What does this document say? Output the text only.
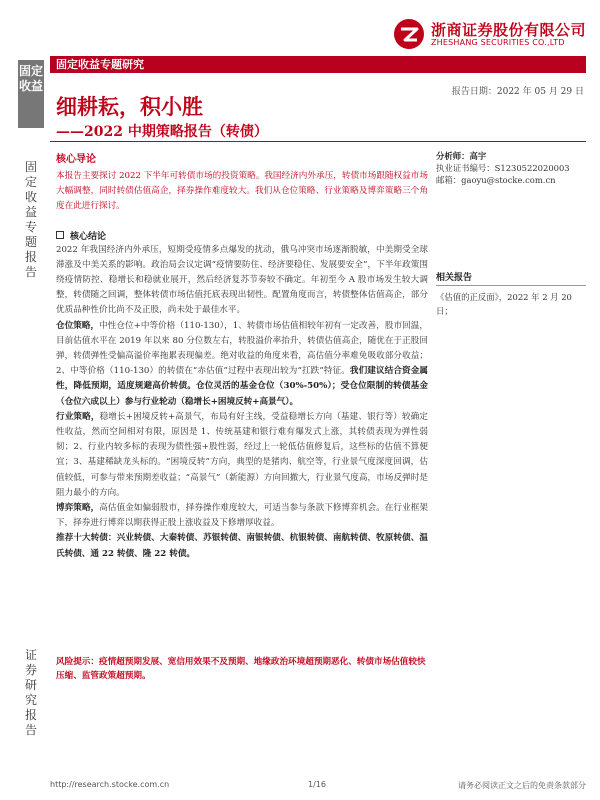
浙商证券股份有限公司
ZHESHANG SECURITIES CO.,LTD
固定收益
固定收益专题研究
报告日期：2022 年 05 月 29 日
细耕耘，积小胜
——2022 中期策略报告（转债）
固定收益专题报告
证券研究报告
核心导论

本报告主要探讨 2022 下半年可转债市场的投资策略。我国经济内外承压，转债市场跟随权益市场大幅调整，同时转债估值高企，择券操作难度较大。我们从仓位策略、行业策略及博弈策略三个角度在此进行探讨。

核心结论

2022 年我国经济内外承压，短期受疫情多点爆发的扰动，俄乌冲突市场逐渐脱敏，中美期受全球滞涨及中美关系的影响。政治局会议定调“疫情要防住、经济要稳住、发展要安全”，下半年政策围绕疫情防控、稳增长和稳就业展开，然后经济复苏节奏较不确定。年初至今 A 股市场发生较大调整，转债随之回调，整体转债市场估值托底表现出韧性。配置角度而言，转债整体估值高企，部分优质品种性价比尚不及正股，尚未处于最佳水平。

仓位策略，中性仓位+中等价格（110-130），1、转债市场估值相较年初有一定改善，股市回温，目前估值水平在 2019 年以来 80 分位数左右，转股溢价率抬升，转债估值高企，随优在于正股回弹，转债弹性受偏高溢价率拖累表现偏差。绝对收益的角度来看，高估值分率难免吸收部分收益；2、中等价格（110-130）的转债在“赤估值”过程中表现出较为“扛跌”特征。我们建议结合资金属性，降低预期，适度规避高价转债。仓位灵活的基金仓位（30%-50%）；受仓位限制的转债基金（仓位六成以上）参与行业轮动（稳增长+困境反转+高景气）。

行业策略，稳增长+困境反转+高景气，布局有好主线，受益稳增长方向（基建、银行等）较确定性收益，然而空间相对有限，原因是 1、传统基建和银行难有爆发式上涨，其转债表现为弹性弱韧；2、行业内较多标的表现为债性强+股性弱，经过上一轮低估值修复后，这些标的估值不算便宜；3、基建稀缺龙头标的。“困境反转”方向，典型的是猪肉、航空等，行业景气度深度回调，估值较低，可参与带来预期差收益；“高景气”（新能源）方向回撤大，行业景气度高，市场反弹时是阻力最小的方向。

博弈策略，高估值金如偏弱股市，择券操作难度较大，可适当参与条款下修博弈机会。在行业框架下，择券进行博弈以期获得正股上涨收益及下修增厚收益。

推荐十大转债：兴业转债、大秦转债、苏银转债、南银转债、杭银转债、南航转债、牧原转债、温氏转债、通 22 转债、隆 22 转债。

风险提示：疫情超预期发展、宽信用效果不及预期、地缘政治环境超预期恶化、转债市场估值较快压缩、监管政策超预期。
分析师：高宇
执业证书编号：S1230522020003
邮箱：gaoyu@stocke.com.cn
相关报告
《估值的正反面》，2022 年 2 月 20 日；
http://research.stocke.com.cn	1/16	请务必阅读正文之后的免责条款部分
